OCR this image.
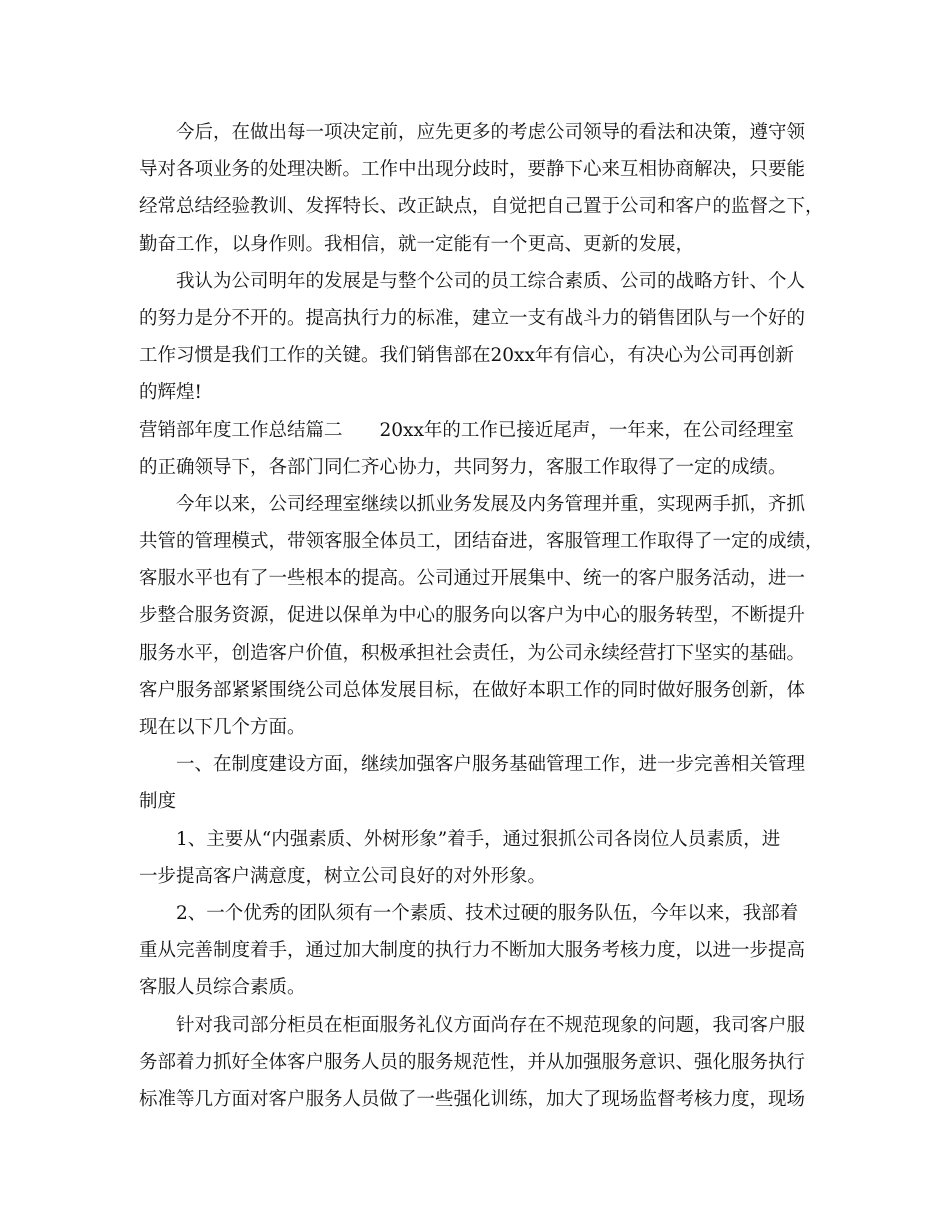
今后，在做出每一项决定前，应先更多的考虑公司领导的看法和决策，遵守领
导对各项业务的处理决断。工作中出现分歧时，要静下心来互相协商解决，只要能
经常总结经验教训、发挥特长、改正缺点，自觉把自己置于公司和客户的监督之下，
勤奋工作，以身作则。我相信，就一定能有一个更高、更新的发展，
我认为公司明年的发展是与整个公司的员工综合素质、公司的战略方针、个人
的努力是分不开的。提高执行力的标准，建立一支有战斗力的销售团队与一个好的
工作习惯是我们工作的关键。我们销售部在20xx年有信心，有决心为公司再创新
的辉煌!
营销部年度工作总结篇二　　20xx年的工作已接近尾声，一年来，在公司经理室
的正确领导下，各部门同仁齐心协力，共同努力，客服工作取得了一定的成绩。
今年以来，公司经理室继续以抓业务发展及内务管理并重，实现两手抓，齐抓
共管的管理模式，带领客服全体员工，团结奋进，客服管理工作取得了一定的成绩，
客服水平也有了一些根本的提高。公司通过开展集中、统一的客户服务活动，进一
步整合服务资源，促进以保单为中心的服务向以客户为中心的服务转型，不断提升
服务水平，创造客户价值，积极承担社会责任，为公司永续经营打下坚实的基础。
客户服务部紧紧围绕公司总体发展目标，在做好本职工作的同时做好服务创新，体
现在以下几个方面。
一、在制度建设方面，继续加强客户服务基础管理工作，进一步完善相关管理
制度
1、主要从“内强素质、外树形象”着手，通过狠抓公司各岗位人员素质，进
一步提高客户满意度，树立公司良好的对外形象。
2、一个优秀的团队须有一个素质、技术过硬的服务队伍，今年以来，我部着
重从完善制度着手，通过加大制度的执行力不断加大服务考核力度，以进一步提高
客服人员综合素质。
针对我司部分柜员在柜面服务礼仪方面尚存在不规范现象的问题，我司客户服
务部着力抓好全体客户服务人员的服务规范性，并从加强服务意识、强化服务执行
标准等几方面对客户服务人员做了一些强化训练，加大了现场监督考核力度，现场
